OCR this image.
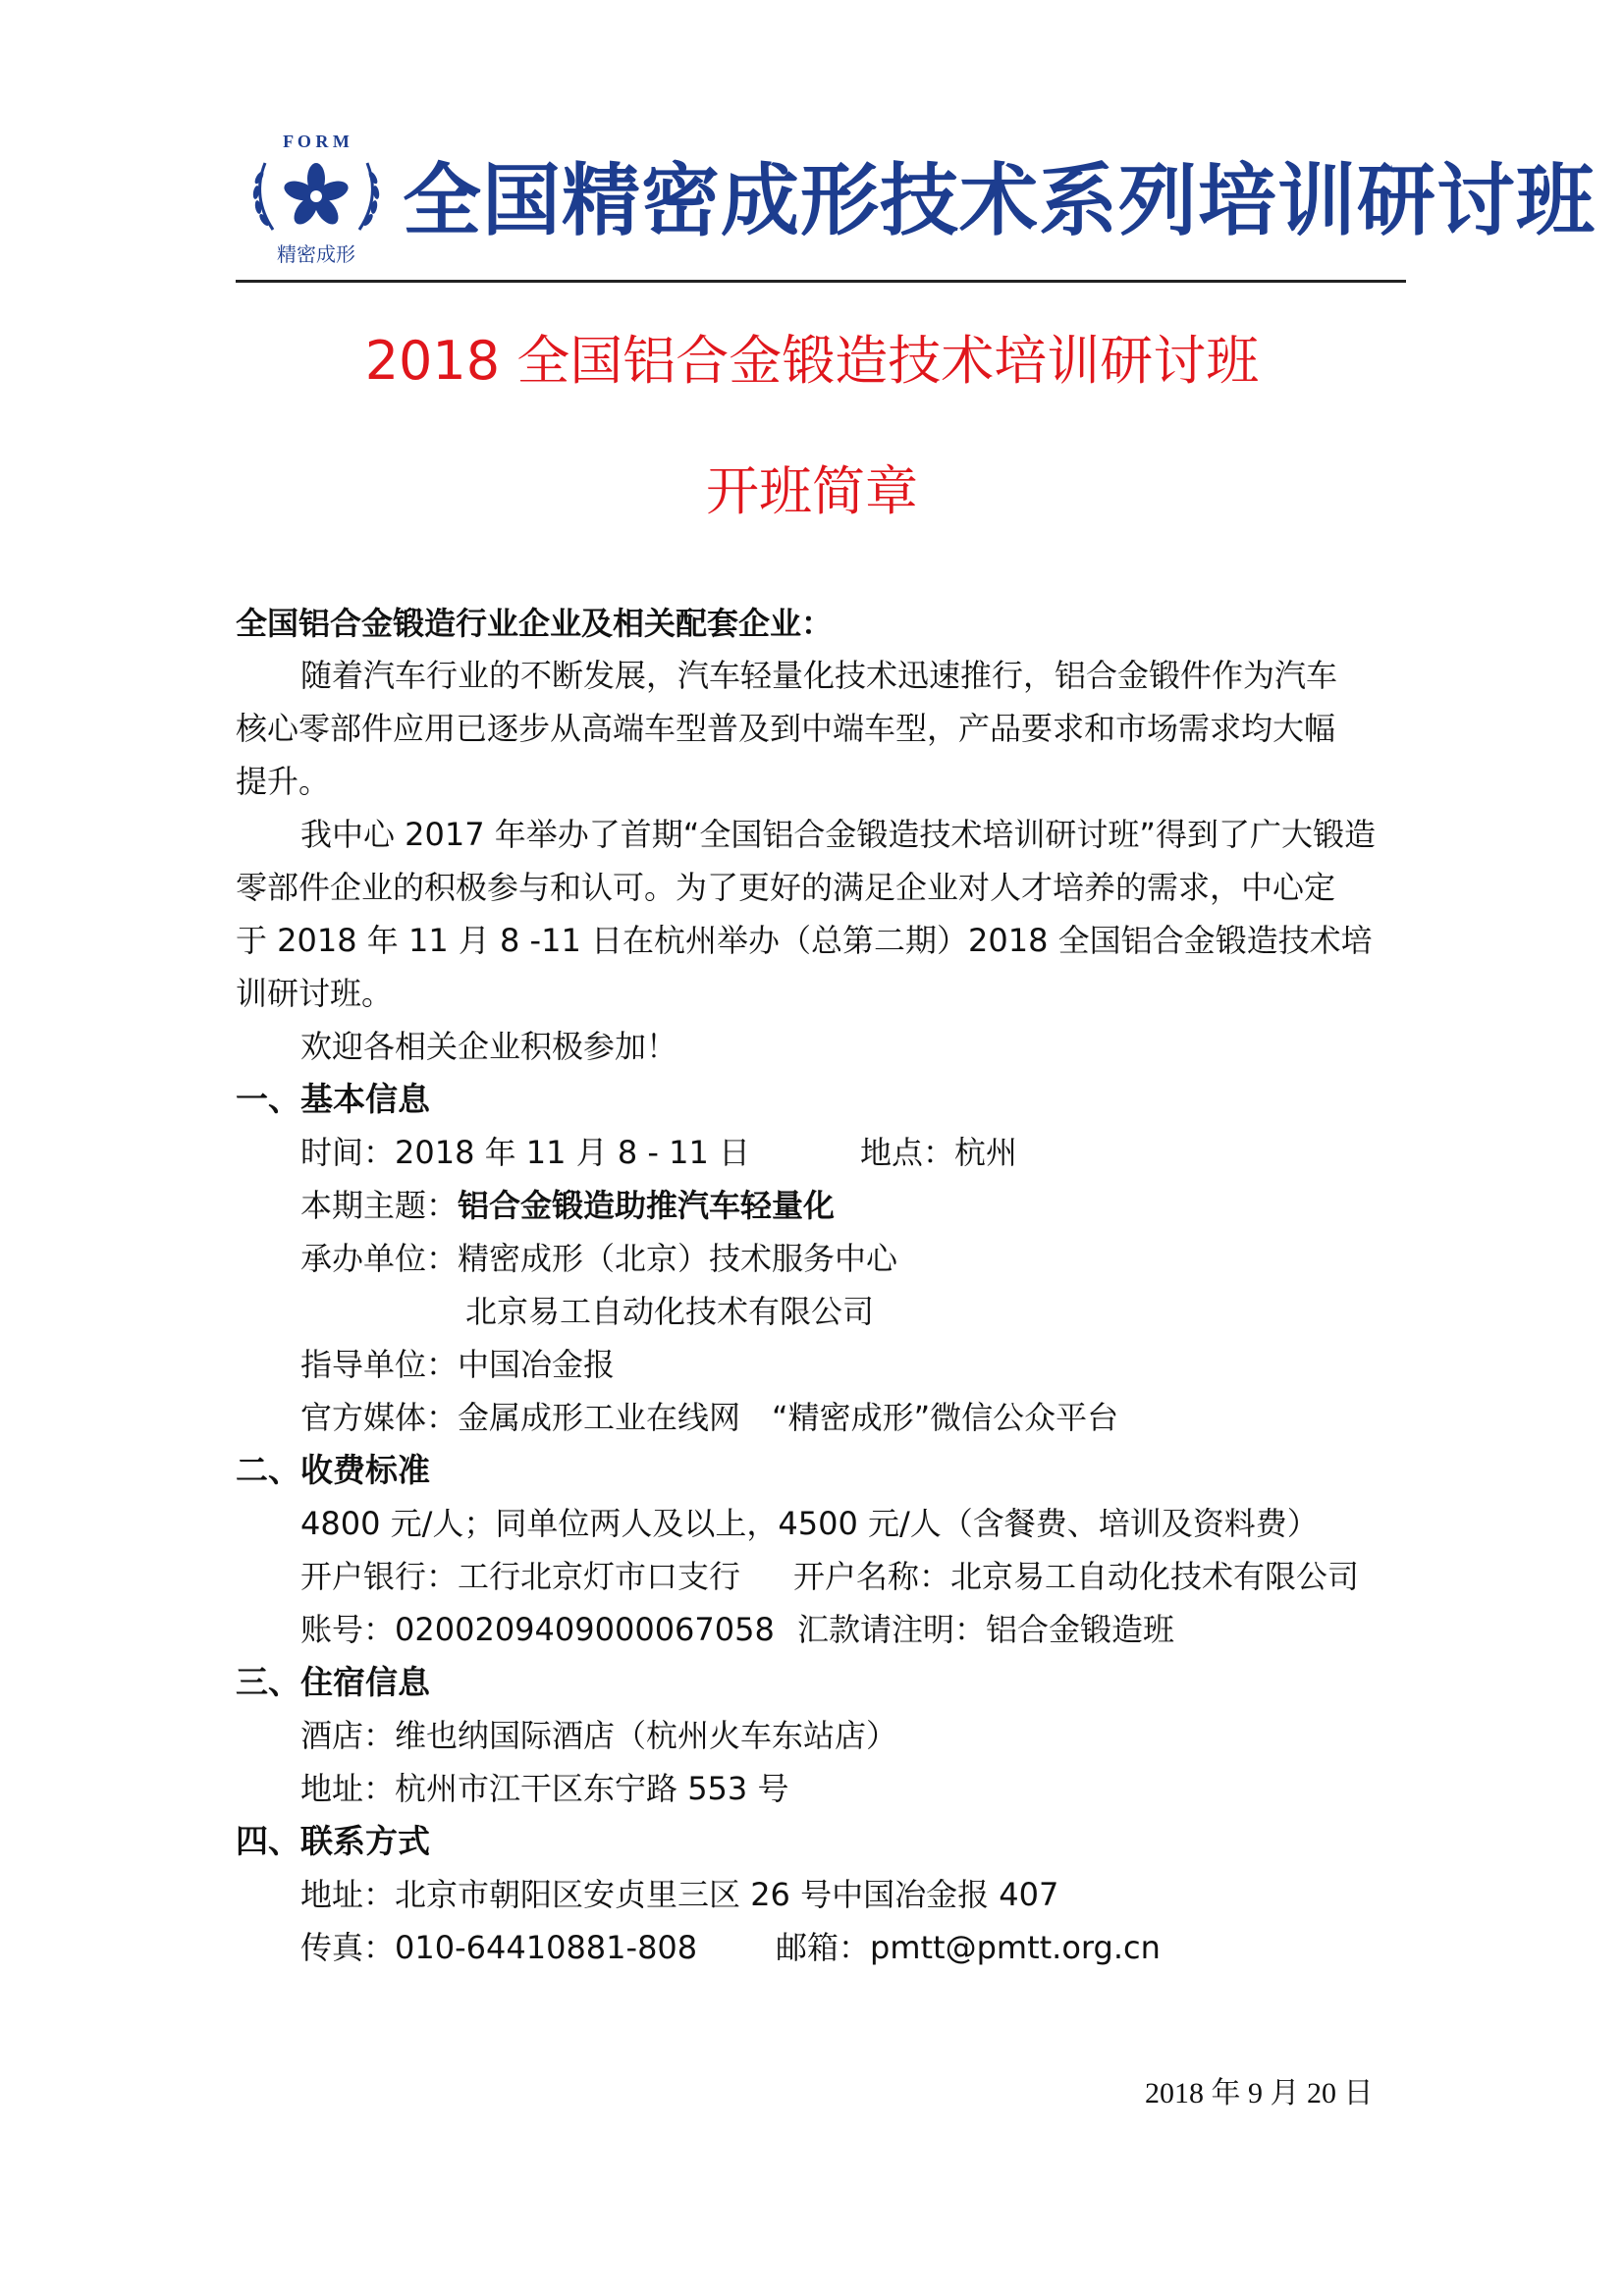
F O R M
精密成形
全国精密成形技术系列培训研讨班
2018 全国铝合金锻造技术培训研讨班
开班简章
全国铝合金锻造行业企业及相关配套企业：
随着汽车行业的不断发展，汽车轻量化技术迅速推行，铝合金锻件作为汽车
核心零部件应用已逐步从高端车型普及到中端车型，产品要求和市场需求均大幅
提升。
我中心 2017 年举办了首期“全国铝合金锻造技术培训研讨班”得到了广大锻造
零部件企业的积极参与和认可。为了更好的满足企业对人才培养的需求，中心定
于 2018 年 11 月 8 -11 日在杭州举办（总第二期）2018 全国铝合金锻造技术培
训研讨班。
欢迎各相关企业积极参加！
一、基本信息
时间：2018 年 11 月 8 - 11 日	地点：杭州
本期主题：铝合金锻造助推汽车轻量化
承办单位：精密成形（北京）技术服务中心
北京易工自动化技术有限公司
指导单位：中国冶金报
官方媒体：金属成形工业在线网　“精密成形”微信公众平台
二、收费标准
4800 元/人；同单位两人及以上，4500 元/人（含餐费、培训及资料费）
开户银行：工行北京灯市口支行 开户名称：北京易工自动化技术有限公司
账号：0200209409000067058 汇款请注明：铝合金锻造班
三、住宿信息
酒店：维也纳国际酒店（杭州火车东站店）
地址：杭州市江干区东宁路 553 号
四、联系方式
地址：北京市朝阳区安贞里三区 26 号中国冶金报 407
传真：010-64410881-808 邮箱：pmtt@pmtt.org.cn
2018 年 9 月 20 日
